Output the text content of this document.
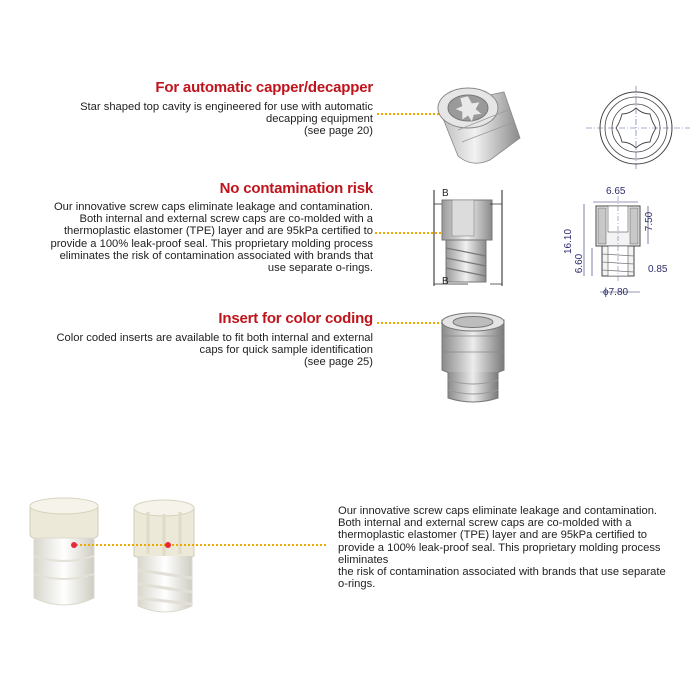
For automatic capper/decapper
Star shaped top cavity is engineered for use with automatic
decapping equipment
(see page 20)
No contamination risk
Our innovative screw caps eliminate leakage and contamination.
Both internal and external screw caps are co-molded with a
thermoplastic elastomer (TPE) layer and are 95kPa certified to
provide a 100% leak-proof seal. This proprietary molding process
eliminates the risk of contamination associated with brands that
use separate o-rings.
B
B
6.65
7.50
16.10
6.60	0.85
ϕ7.80
Insert for color coding
Color coded inserts are available to fit both internal and external
caps for quick sample identification
(see page 25)
Our innovative screw caps eliminate leakage and contamination.
Both internal and external screw caps are co-molded with a
thermoplastic elastomer (TPE) layer and are 95kPa certified to
provide a 100% leak-proof seal. This proprietary molding process
eliminates
the risk of contamination associated with brands that use separate
o-rings.
